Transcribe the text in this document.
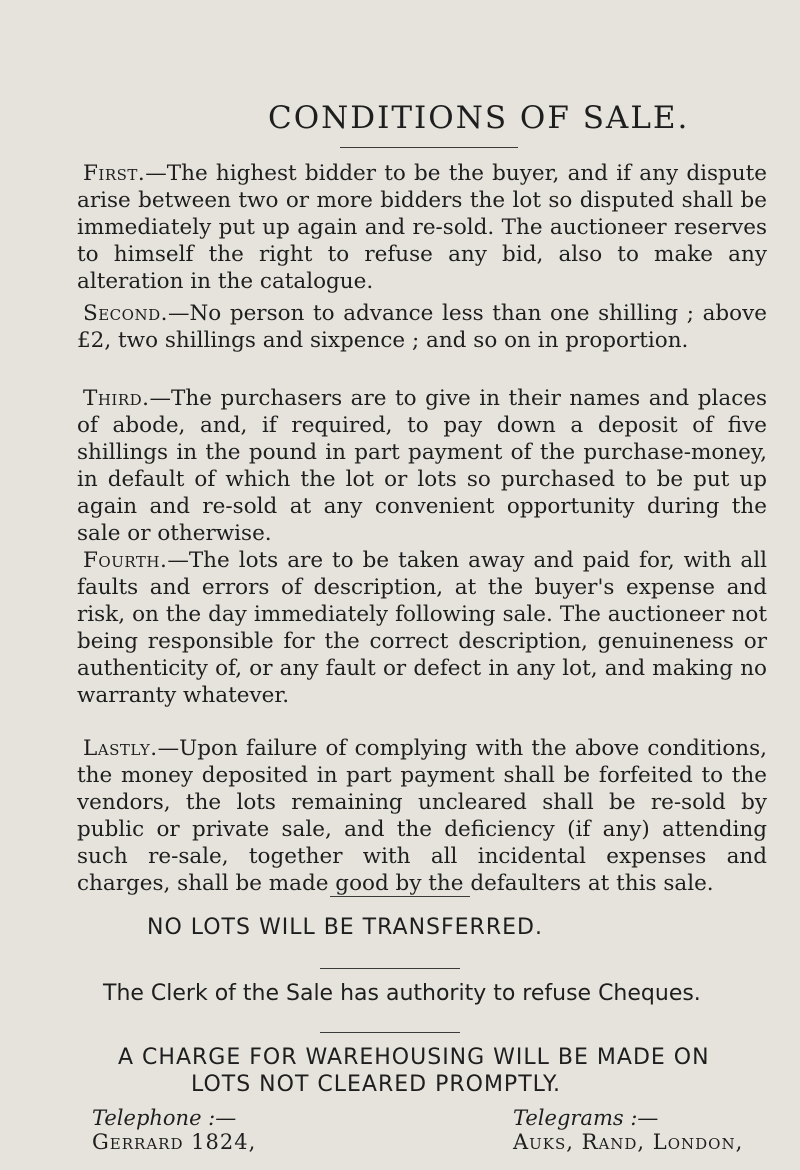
CONDITIONS OF SALE.

First.—The highest bidder to be the buyer, and if any dispute arise between two or more bidders the lot so disputed shall be immediately put up again and re-sold. The auctioneer reserves to himself the right to refuse any bid, also to make any alteration in the catalogue.

Second.—No person to advance less than one shilling ; above £2, two shillings and sixpence ; and so on in proportion.

Third.—The purchasers are to give in their names and places of abode, and, if required, to pay down a deposit of five shillings in the pound in part payment of the purchase-money, in default of which the lot or lots so purchased to be put up again and re-sold at any convenient opportunity during the sale or otherwise.

Fourth.—The lots are to be taken away and paid for, with all faults and errors of description, at the buyer's expense and risk, on the day immediately following sale. The auctioneer not being responsible for the correct description, genuineness or authenticity of, or any fault or defect in any lot, and making no warranty whatever.

Lastly.—Upon failure of complying with the above conditions, the money deposited in part payment shall be forfeited to the vendors, the lots remaining uncleared shall be re-sold by public or private sale, and the deficiency (if any) attending such re-sale, together with all incidental expenses and charges, shall be made good by the defaulters at this sale.

NO LOTS WILL BE TRANSFERRED.
The Clerk of the Sale has authority to refuse Cheques.
A CHARGE FOR WAREHOUSING WILL BE MADE ON
LOTS NOT CLEARED PROMPTLY.
Telephone :—
Gerrard 1824,
Telegrams :—
Auks, Rand, London,
